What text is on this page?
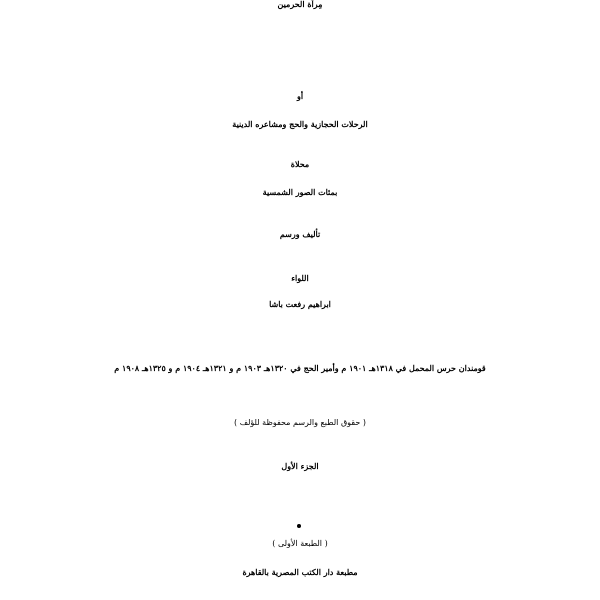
مِرآة الحرمين
أو
الرحلات الحجازية والحج ومشاعره الدينية
محلاة
بمئات الصور الشمسية
تأليف ورسم
اللواء
ابراهيم رفعت باشا
قومندان حرس المحمل في ١٣١٨هـ ١٩٠١ م وأمير الحج في ١٣٢٠هـ ١٩٠٣ م و ١٣٢١هـ ١٩٠٤ م و ١٣٢٥هـ ١٩٠٨ م
( حقوق الطبع والرسم محفوظة للؤلف )
الجزء الأول
( الطبعة الأولى )
مطبعة دار الكتب المصرية بالقاهرة
